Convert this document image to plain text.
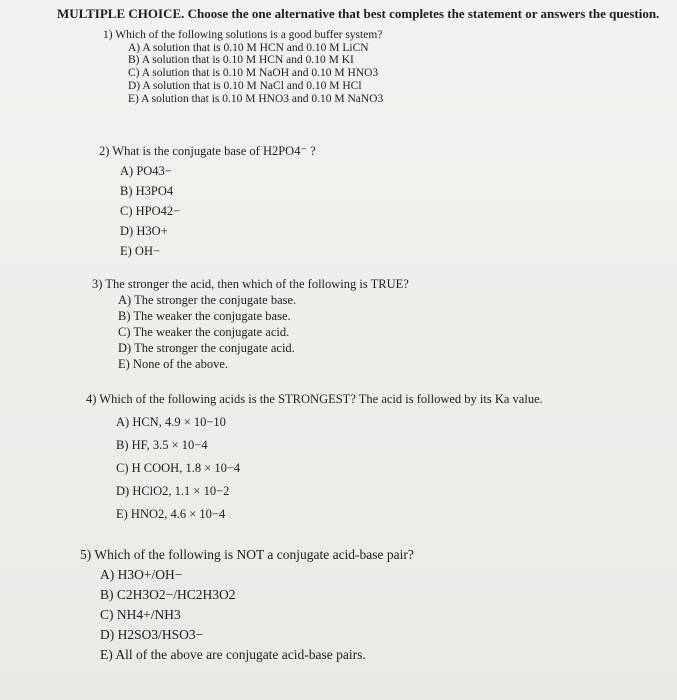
MULTIPLE CHOICE. Choose the one alternative that best completes the statement or answers the question.
1) Which of the following solutions is a good buffer system?
A) A solution that is 0.10 M HCN and 0.10 M LiCN
B) A solution that is 0.10 M HCN and 0.10 M KI
C) A solution that is 0.10 M NaOH and 0.10 M HNO3
D) A solution that is 0.10 M NaCl and 0.10 M HCl
E) A solution that is 0.10 M HNO3 and 0.10 M NaNO3
2) What is the conjugate base of H2PO4⁻ ?
A) PO43−
B) H3PO4
C) HPO42−
D) H3O+
E) OH−
3) The stronger the acid, then which of the following is TRUE?
A) The stronger the conjugate base.
B) The weaker the conjugate base.
C) The weaker the conjugate acid.
D) The stronger the conjugate acid.
E) None of the above.
4) Which of the following acids is the STRONGEST? The acid is followed by its Ka value.
A) HCN, 4.9 × 10−10
B) HF, 3.5 × 10−4
C) H COOH, 1.8 × 10−4
D) HClO2, 1.1 × 10−2
E) HNO2, 4.6 × 10−4
5) Which of the following is NOT a conjugate acid-base pair?
A) H3O+/OH−
B) C2H3O2−/HC2H3O2
C) NH4+/NH3
D) H2SO3/HSO3−
E) All of the above are conjugate acid-base pairs.
